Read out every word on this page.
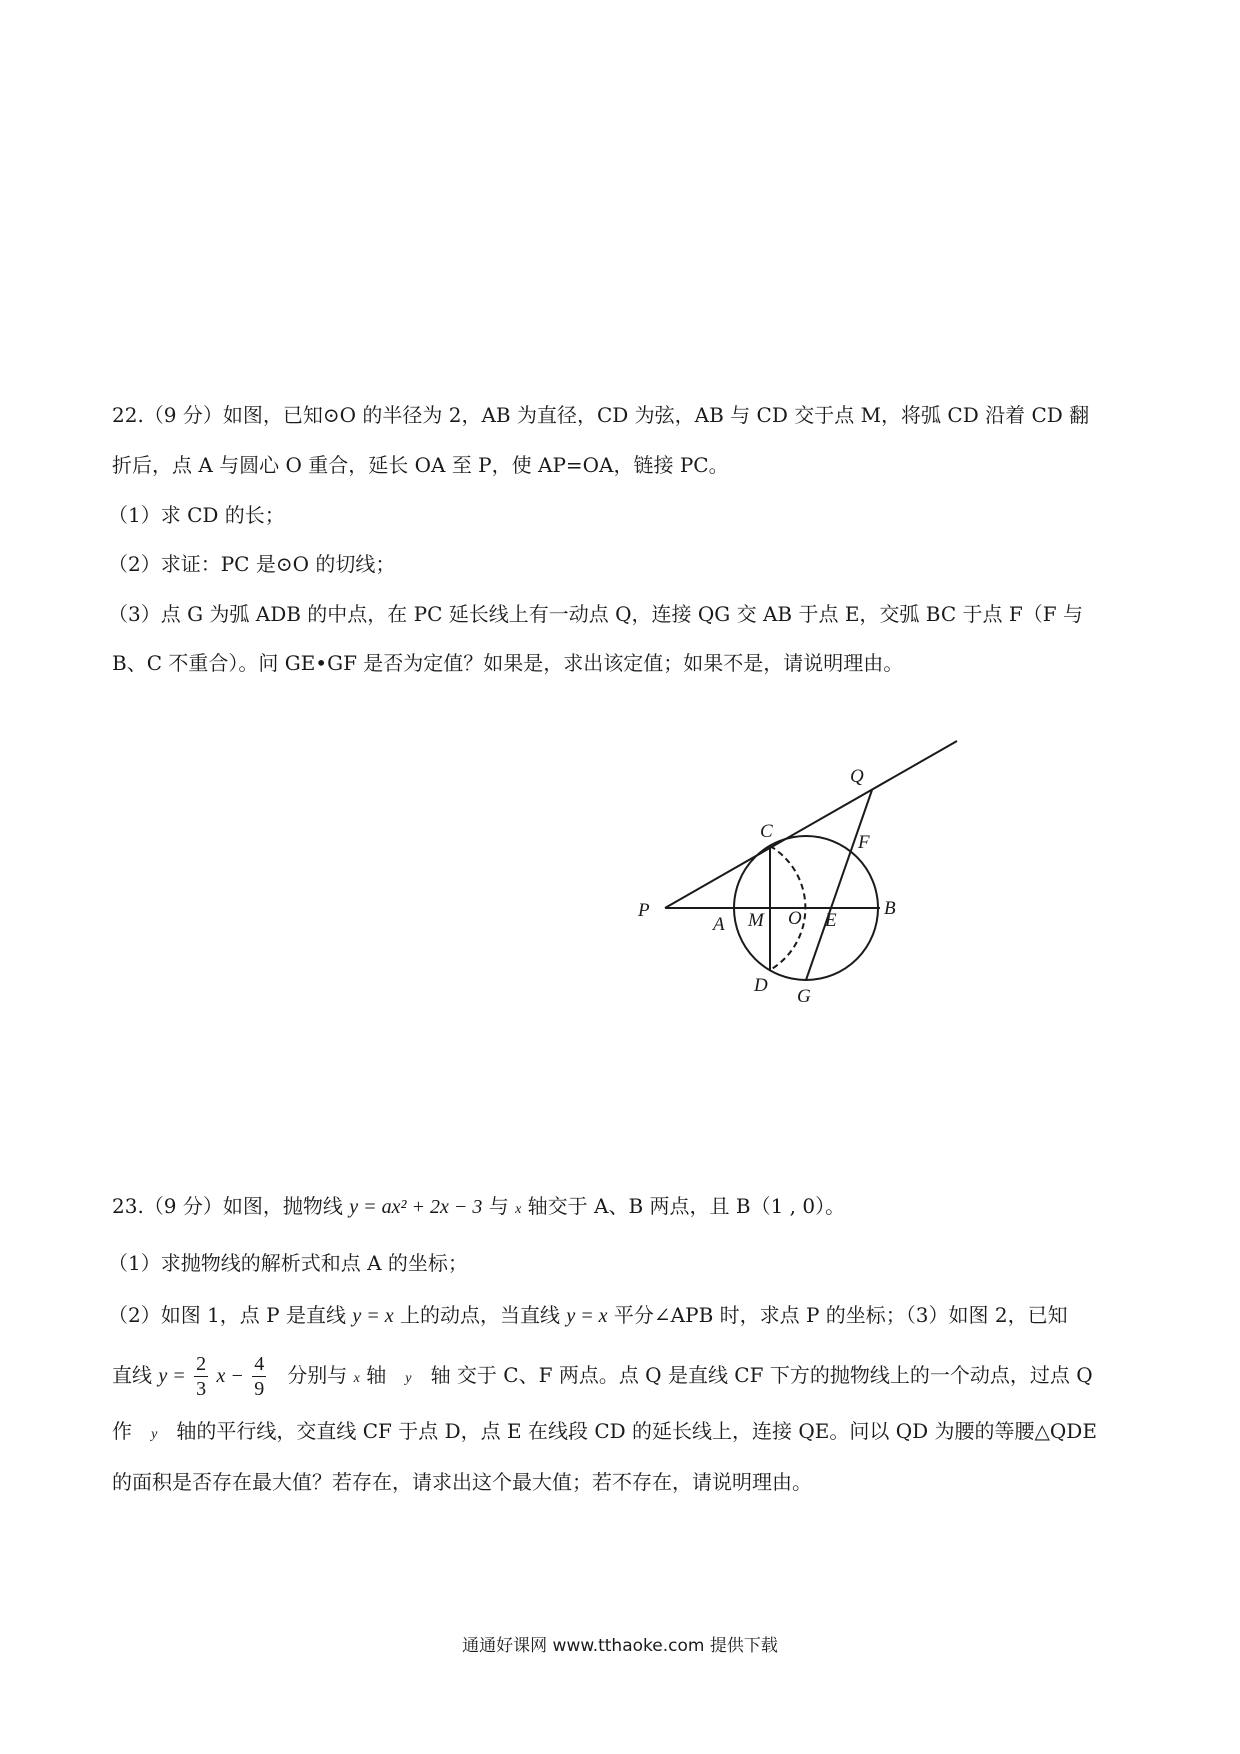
22.（9 分）如图，已知⊙O 的半径为 2，AB 为直径，CD 为弦，AB 与 CD 交于点 M，将弧 CD 沿着 CD 翻
折后，点 A 与圆心 O 重合，延长 OA 至 P，使 AP=OA，链接 PC。
（1）求 CD 的长；
（2）求证：PC 是⊙O 的切线；
（3）点 G 为弧 ADB 的中点，在 PC 延长线上有一动点 Q，连接 QG 交 AB 于点 E，交弧 BC 于点 F（F 与
B、C 不重合）。问 GE•GF 是否为定值？如果是，求出该定值；如果不是，请说明理由。
Q
C
F
P
A M O E
B
D
G
23.（9 分）如图，抛物线 y = ax² + 2x − 3 与 x 轴交于 A、B 两点，且 B（1 , 0）。
（1）求抛物线的解析式和点 A 的坐标；
（2）如图 1，点 P 是直线 y = x 上的动点，当直线 y = x 平分∠APB 时，求点 P 的坐标；（3）如图 2，已知
直线 $y = \frac{2}{3}$ $x - \frac{4}{9}$ 分别与 x 轴 y 轴 交于 C、F 两点。点 Q 是直线 CF 下方的抛物线上的一个动点，过点 Q
作 y 轴的平行线，交直线 CF 于点 D，点 E 在线段 CD 的延长线上，连接 QE。问以 QD 为腰的等腰△QDE
的面积是否存在最大值？若存在，请求出这个最大值；若不存在，请说明理由。
通通好课网 www.tthaoke.com 提供下载
